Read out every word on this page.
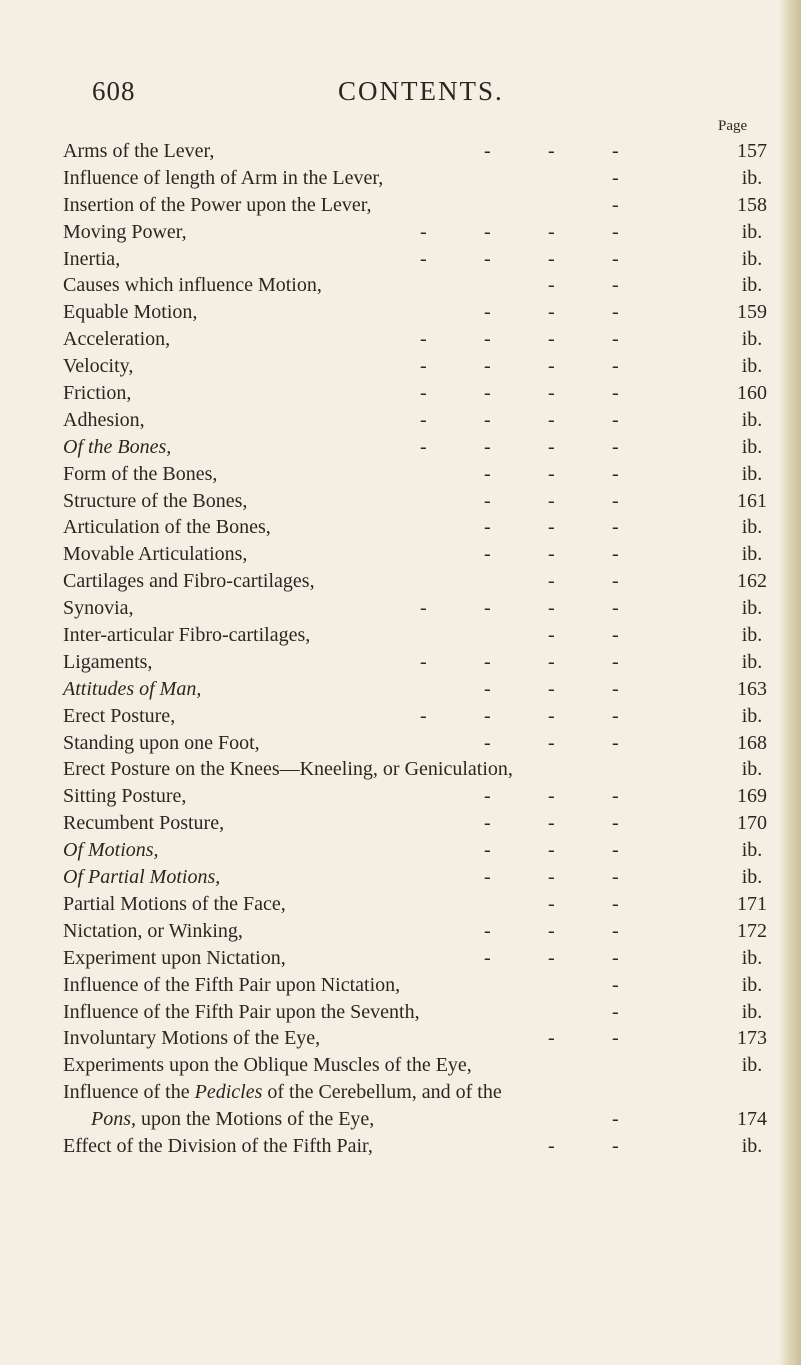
608	CONTENTS.
Page
Arms of the Lever,	-	-	-	157
Influence of length of Arm in the Lever,	-	ib.
Insertion of the Power upon the Lever,	-	158
Moving Power,	-	-	-	-	ib.
Inertia,	-	-	-	-	ib.
Causes which influence Motion,	-	-	ib.
Equable Motion,	-	-	-	159
Acceleration,	-	-	-	-	ib.
Velocity,	-	-	-	-	ib.
Friction,	-	-	-	-	160
Adhesion,	-	-	-	-	ib.
Of the Bones,	-	-	-	-	ib.
Form of the Bones,	-	-	-	ib.
Structure of the Bones,	-	-	-	161
Articulation of the Bones,	-	-	-	ib.
Movable Articulations,	-	-	-	ib.
Cartilages and Fibro-cartilages,	-	-	162
Synovia,	-	-	-	-	ib.
Inter-articular Fibro-cartilages,	-	-	ib.
Ligaments,	-	-	-	-	ib.
Attitudes of Man,	-	-	-	163
Erect Posture,	-	-	-	-	ib.
Standing upon one Foot,	-	-	-	168
Erect Posture on the Knees—Kneeling, or Geniculation,	ib.
Sitting Posture,	-	-	-	169
Recumbent Posture,	-	-	-	170
Of Motions,	-	-	-	ib.
Of Partial Motions,	-	-	-	ib.
Partial Motions of the Face,	-	-	171
Nictation, or Winking,	-	-	-	172
Experiment upon Nictation,	-	-	-	ib.
Influence of the Fifth Pair upon Nictation,	-	ib.
Influence of the Fifth Pair upon the Seventh,	-	ib.
Involuntary Motions of the Eye,	-	-	173
Experiments upon the Oblique Muscles of the Eye,	ib.
Influence of the Pedicles of the Cerebellum, and of the
Pons, upon the Motions of the Eye,	-	174
Effect of the Division of the Fifth Pair,	-	-	ib.
